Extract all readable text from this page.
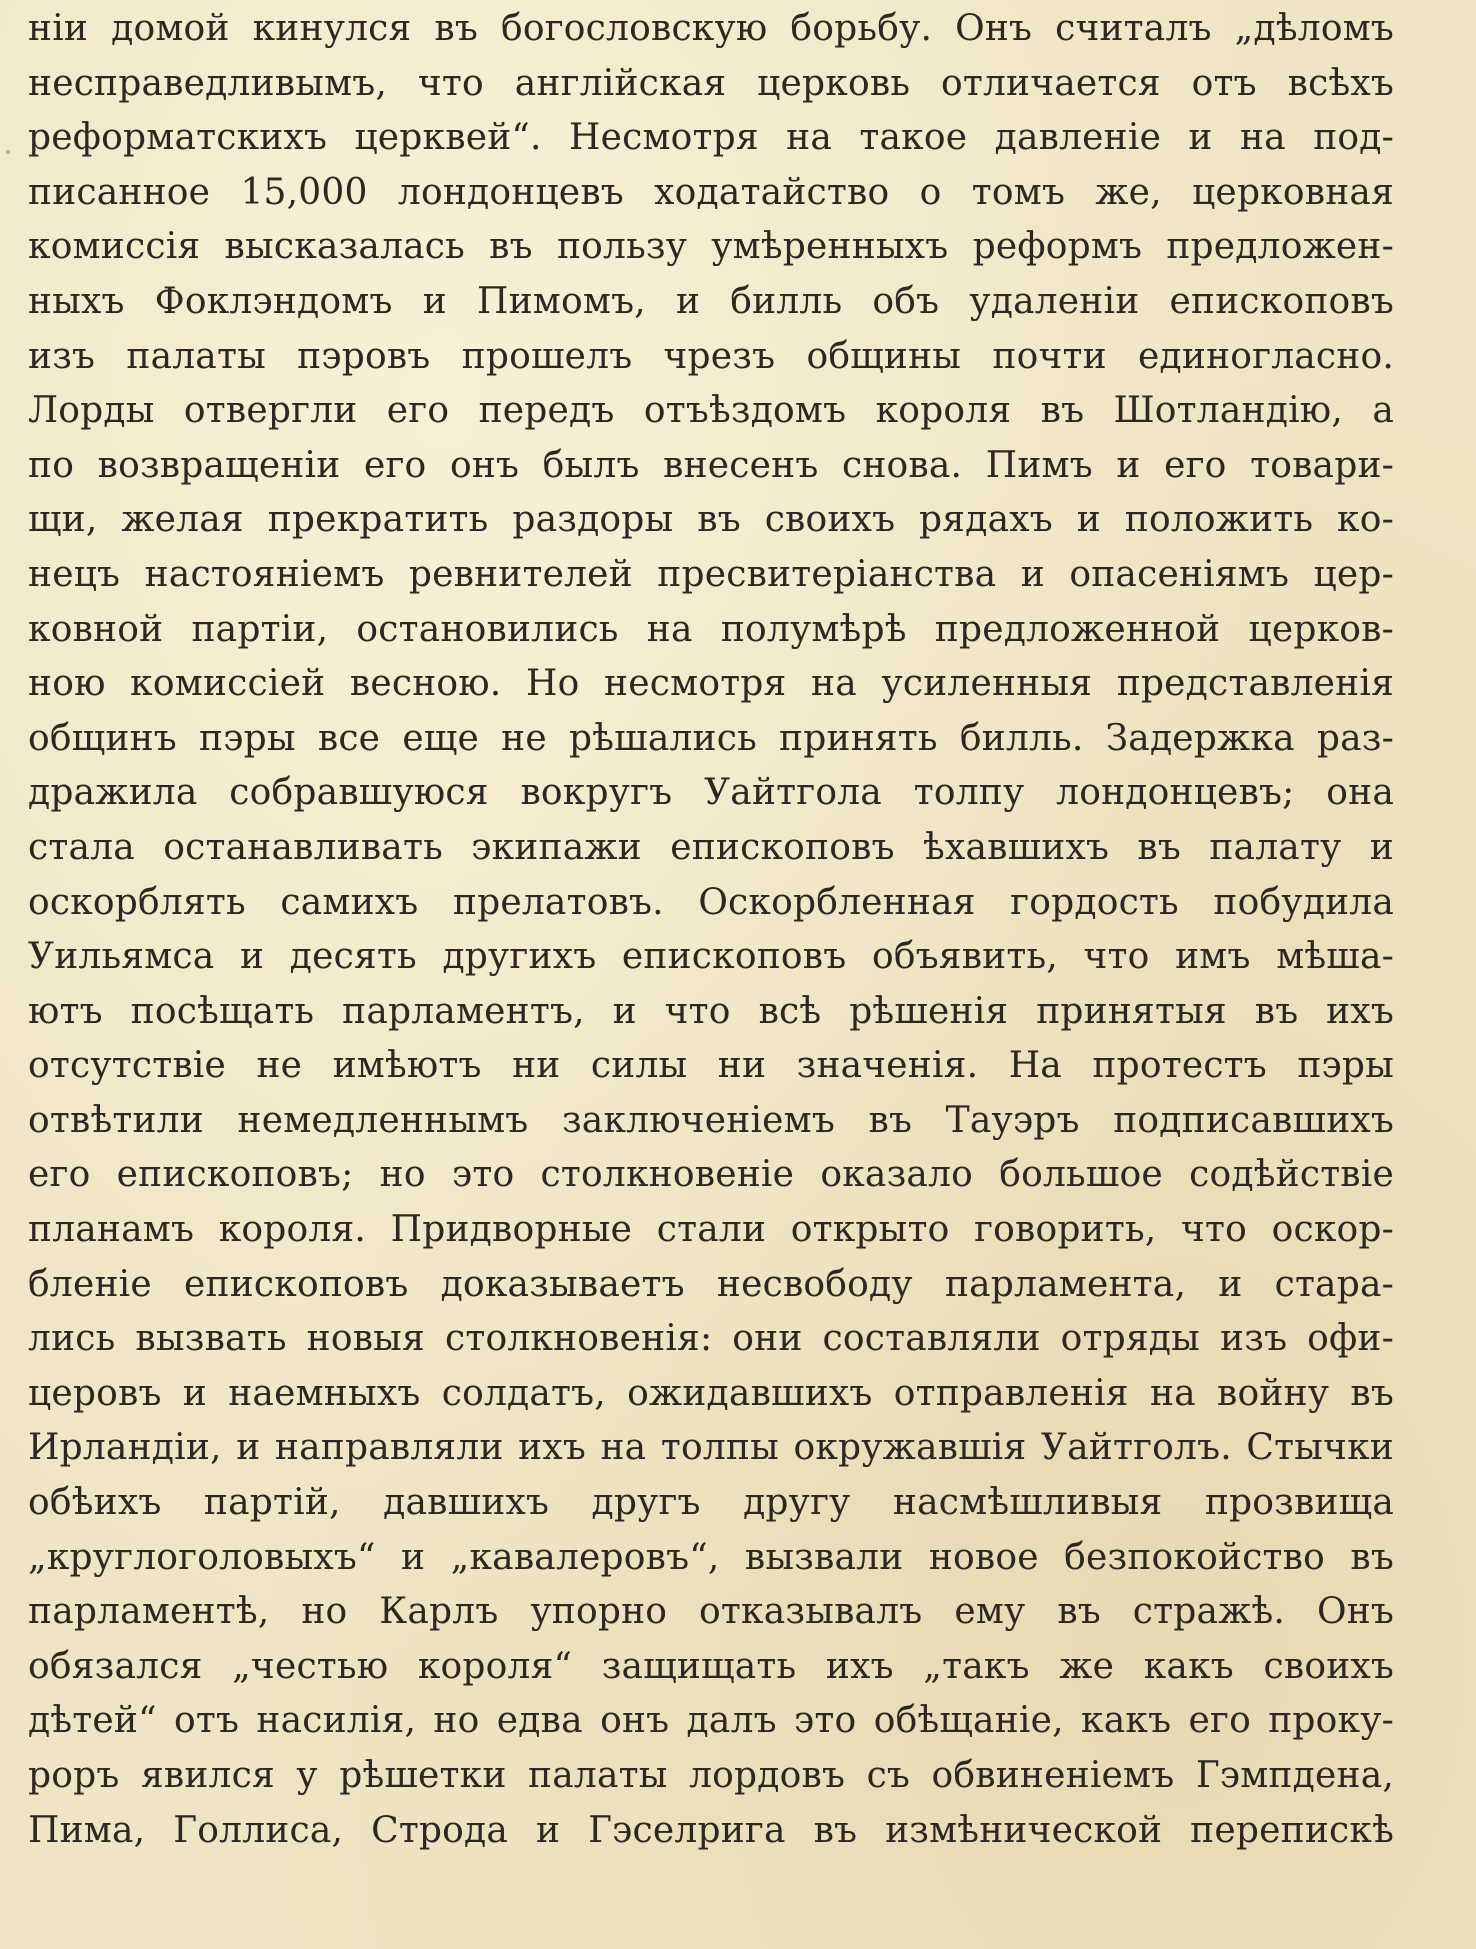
нiи домой кинулся въ богословскую борьбу. Онъ считалъ „дѣломъ
несправедливымъ, что англійская церковь отличается отъ всѣхъ
реформатскихъ церквей“. Несмотря на такое давленіе и на под-
писанное 15,000 лондонцевъ ходатайство о томъ же, церковная
комиссія высказалась въ пользу умѣренныхъ реформъ предложен-
ныхъ Фоклэндомъ и Пимомъ, и билль объ удаленіи епископовъ
изъ палаты пэровъ прошелъ чрезъ общины почти единогласно.
Лорды отвергли его передъ отъѣздомъ короля въ Шотландію, а
по возвращеніи его онъ былъ внесенъ снова. Пимъ и его товари-
щи, желая прекратить раздоры въ своихъ рядахъ и положить ко-
нецъ настояніемъ ревнителей пресвитеріанства и опасеніямъ цер-
ковной партіи, остановились на полумѣрѣ предложенной церков-
ною комиссіей весною. Но несмотря на усиленныя представленія
общинъ пэры все еще не рѣшались принять билль. Задержка раз-
дражила собравшуюся вокругъ Уайтгола толпу лондонцевъ; она
стала останавливать экипажи епископовъ ѣхавшихъ въ палату и
оскорблять самихъ прелатовъ. Оскорбленная гордость побудила
Уильямса и десять другихъ епископовъ объявить, что имъ мѣша-
ютъ посѣщать парламентъ, и что всѣ рѣшенія принятыя въ ихъ
отсутствіе не имѣютъ ни силы ни значенія. На протестъ пэры
отвѣтили немедленнымъ заключеніемъ въ Тауэръ подписавшихъ
его епископовъ; но это столкновеніе оказало большое содѣйствіе
планамъ короля. Придворные стали открыто говорить, что оскор-
бленіе епископовъ доказываетъ несвободу парламента, и стара-
лись вызвать новыя столкновенія: они составляли отряды изъ офи-
церовъ и наемныхъ солдатъ, ожидавшихъ отправленія на войну въ
Ирландіи, и направляли ихъ на толпы окружавшія Уайтголъ. Стычки
обѣихъ партій, давшихъ другъ другу насмѣшливыя прозвища
„круглоголовыхъ“ и „кавалеровъ“, вызвали новое безпокойство въ
парламентѣ, но Карлъ упорно отказывалъ ему въ стражѣ. Онъ
обязался „честью короля“ защищать ихъ „такъ же какъ своихъ
дѣтей“ отъ насилія, но едва онъ далъ это обѣщаніе, какъ его проку-
роръ явился у рѣшетки палаты лордовъ съ обвиненіемъ Гэмпдена,
Пима, Голлиса, Строда и Гэселрига въ измѣнической перепискѣ
